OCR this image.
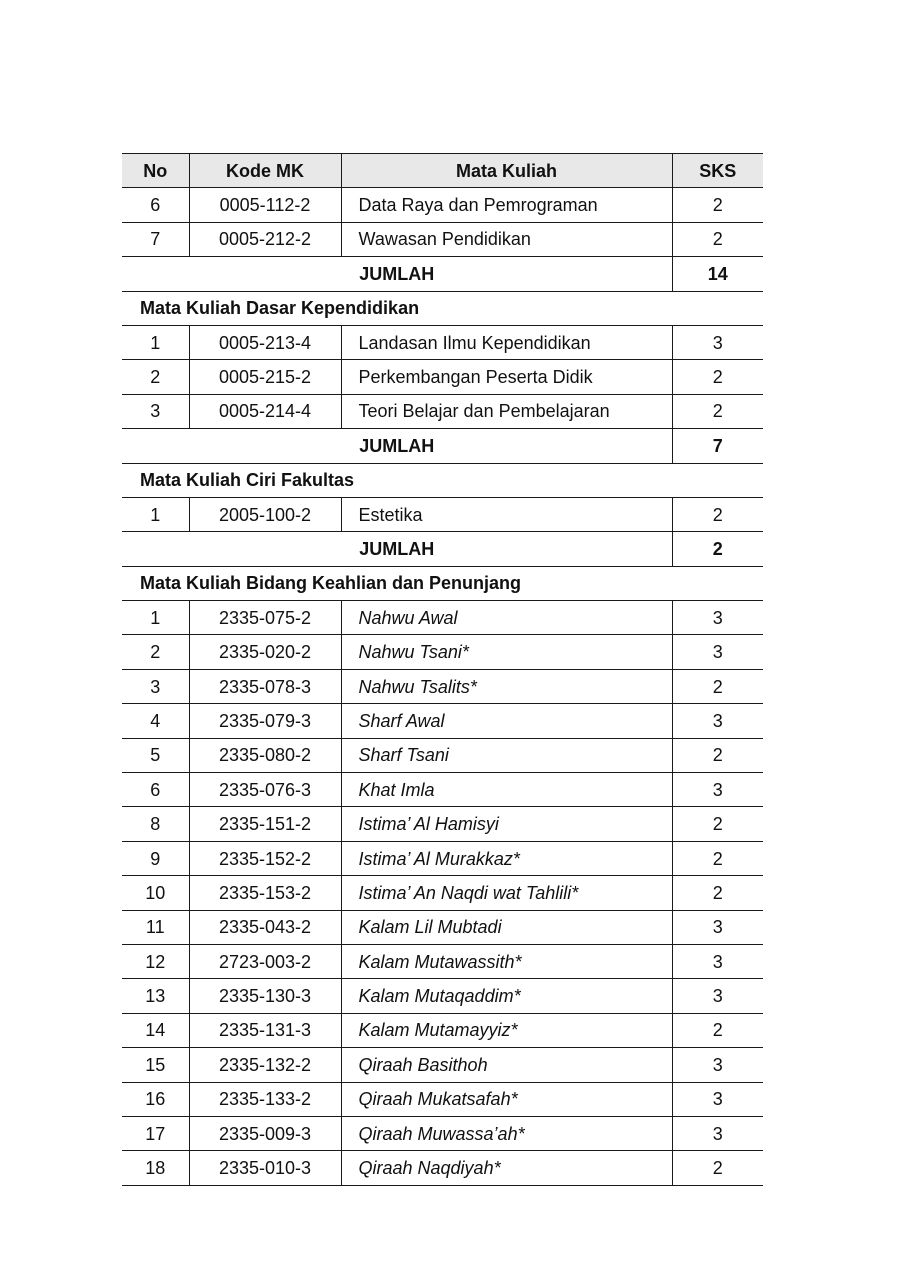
No	Kode MK	Mata Kuliah	SKS
6	0005-112-2	Data Raya dan Pemrograman	2
7	0005-212-2	Wawasan Pendidikan	2
JUMLAH			14
Mata Kuliah Dasar Kependidikan			
1	0005-213-4	Landasan Ilmu Kependidikan	3
2	0005-215-2	Perkembangan Peserta Didik	2
3	0005-214-4	Teori Belajar dan Pembelajaran	2
JUMLAH			7
Mata Kuliah Ciri Fakultas			
1	2005-100-2	Estetika	2
JUMLAH			2
Mata Kuliah Bidang Keahlian dan Penunjang			
1	2335-075-2	Nahwu Awal	3
2	2335-020-2	Nahwu Tsani*	3
3	2335-078-3	Nahwu Tsalits*	2
4	2335-079-3	Sharf Awal	3
5	2335-080-2	Sharf Tsani	2
6	2335-076-3	Khat Imla	3
8	2335-151-2	Istima’ Al Hamisyi	2
9	2335-152-2	Istima’ Al Murakkaz*	2
10	2335-153-2	Istima’ An Naqdi wat Tahlili*	2
11	2335-043-2	Kalam Lil Mubtadi	3
12	2723-003-2	Kalam Mutawassith*	3
13	2335-130-3	Kalam Mutaqaddim*	3
14	2335-131-3	Kalam Mutamayyiz*	2
15	2335-132-2	Qiraah Basithoh	3
16	2335-133-2	Qiraah Mukatsafah*	3
17	2335-009-3	Qiraah Muwassa’ah*	3
18	2335-010-3	Qiraah Naqdiyah*	2
